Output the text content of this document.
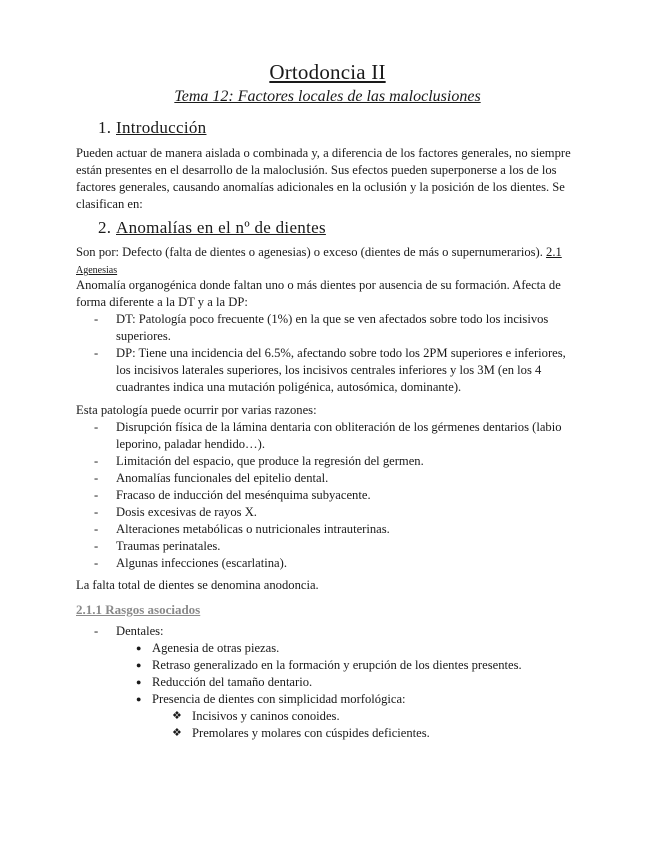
Ortodoncia II
Tema 12: Factores locales de las maloclusiones
1. Introducción
Pueden actuar de manera aislada o combinada y, a diferencia de los factores generales, no siempre están presentes en el desarrollo de la maloclusión. Sus efectos pueden superponerse a los de los factores generales, causando anomalías adicionales en la oclusión y la posición de los dientes. Se clasifican en:
2. Anomalías en el nº de dientes
Son por: Defecto (falta de dientes o agenesias) o exceso (dientes de más o supernumerarios). 2.1
Agenesias
Anomalía organogénica donde faltan uno o más dientes por ausencia de su formación. Afecta de forma diferente a la DT y a la DP:
- DT: Patología poco frecuente (1%) en la que se ven afectados sobre todo los incisivos superiores.
- DP: Tiene una incidencia del 6.5%, afectando sobre todo los 2PM superiores e inferiores, los incisivos laterales superiores, los incisivos centrales inferiores y los 3M (en los 4 cuadrantes indica una mutación poligénica, autosómica, dominante).
Esta patología puede ocurrir por varias razones:
- Disrupción física de la lámina dentaria con obliteración de los gérmenes dentarios (labio leporino, paladar hendido…).
- Limitación del espacio, que produce la regresión del germen.
- Anomalías funcionales del epitelio dental.
- Fracaso de inducción del mesénquima subyacente.
- Dosis excesivas de rayos X.
- Alteraciones metabólicas o nutricionales intrauterinas.
- Traumas perinatales.
- Algunas infecciones (escarlatina).
La falta total de dientes se denomina anodoncia.
2.1.1 Rasgos asociados
- Dentales:
● Agenesia de otras piezas.
● Retraso generalizado en la formación y erupción de los dientes presentes.
● Reducción del tamaño dentario.
● Presencia de dientes con simplicidad morfológica:
❖ Incisivos y caninos conoides.
❖ Premolares y molares con cúspides deficientes.
